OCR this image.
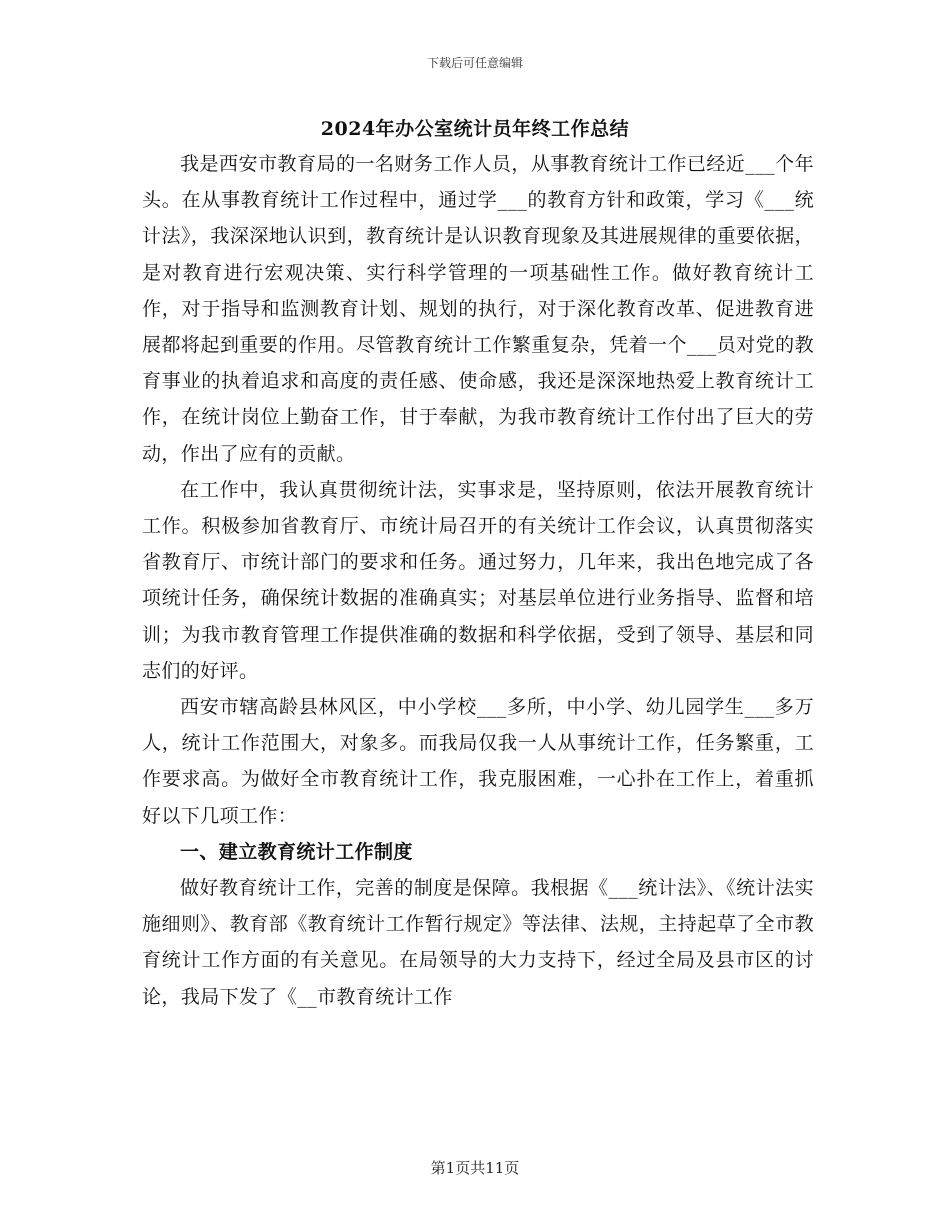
下载后可任意编辑
2024年办公室统计员年终工作总结

我是西安市教育局的一名财务工作人员，从事教育统计工作已经近___个年头。在从事教育统计工作过程中，通过学___的教育方针和政策，学习《___统计法》，我深深地认识到，教育统计是认识教育现象及其进展规律的重要依据，是对教育进行宏观决策、实行科学管理的一项基础性工作。做好教育统计工作，对于指导和监测教育计划、规划的执行，对于深化教育改革、促进教育进展都将起到重要的作用。尽管教育统计工作繁重复杂，凭着一个___员对党的教育事业的执着追求和高度的责任感、使命感，我还是深深地热爱上教育统计工作，在统计岗位上勤奋工作，甘于奉献，为我市教育统计工作付出了巨大的劳动，作出了应有的贡献。

在工作中，我认真贯彻统计法，实事求是，坚持原则，依法开展教育统计工作。积极参加省教育厅、市统计局召开的有关统计工作会议，认真贯彻落实省教育厅、市统计部门的要求和任务。通过努力，几年来，我出色地完成了各项统计任务，确保统计数据的准确真实；对基层单位进行业务指导、监督和培训；为我市教育管理工作提供准确的数据和科学依据，受到了领导、基层和同志们的好评。

西安市辖高龄县林风区，中小学校___多所，中小学、幼儿园学生___多万人，统计工作范围大，对象多。而我局仅我一人从事统计工作，任务繁重，工作要求高。为做好全市教育统计工作，我克服困难，一心扑在工作上，着重抓好以下几项工作：

一、建立教育统计工作制度

做好教育统计工作，完善的制度是保障。我根据《___统计法》、《统计法实施细则》、教育部《教育统计工作暂行规定》等法律、法规，主持起草了全市教育统计工作方面的有关意见。在局领导的大力支持下，经过全局及县市区的讨论，我局下发了《__市教育统计工作

第1页共11页
